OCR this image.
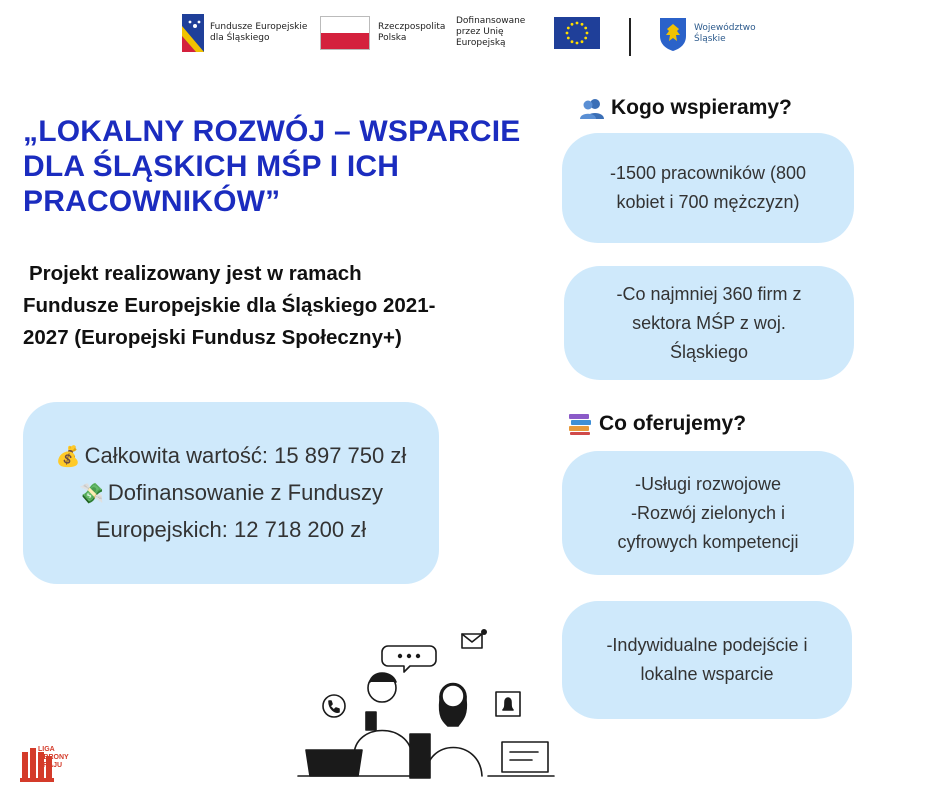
Fundusze Europejskie dla Śląskiego
Rzeczpospolita Polska
Dofinansowane przez Unię Europejską
Województwo Śląskie
„LOKALNY ROZWÓJ – WSPARCIE DLA ŚLĄSKICH MŚP I ICH PRACOWNIKÓW”
Projekt realizowany jest w ramach
Fundusze Europejskie dla Śląskiego 2021-
2027 (Europejski Fundusz Społeczny+)
💰 Całkowita wartość: 15 897 750 zł
💸 Dofinansowanie z Funduszy
Europejskich: 12 718 200 zł
Kogo wspieramy?
-1500 pracowników (800
kobiet i 700 mężczyzn)
-Co najmniej 360 firm z
sektora MŚP z woj.
Śląskiego
Co oferujemy?
-Usługi rozwojowe
-Rozwój zielonych i
cyfrowych kompetencji
-Indywidualne podejście i
lokalne wsparcie
LIGA OBRONY KRAJU
